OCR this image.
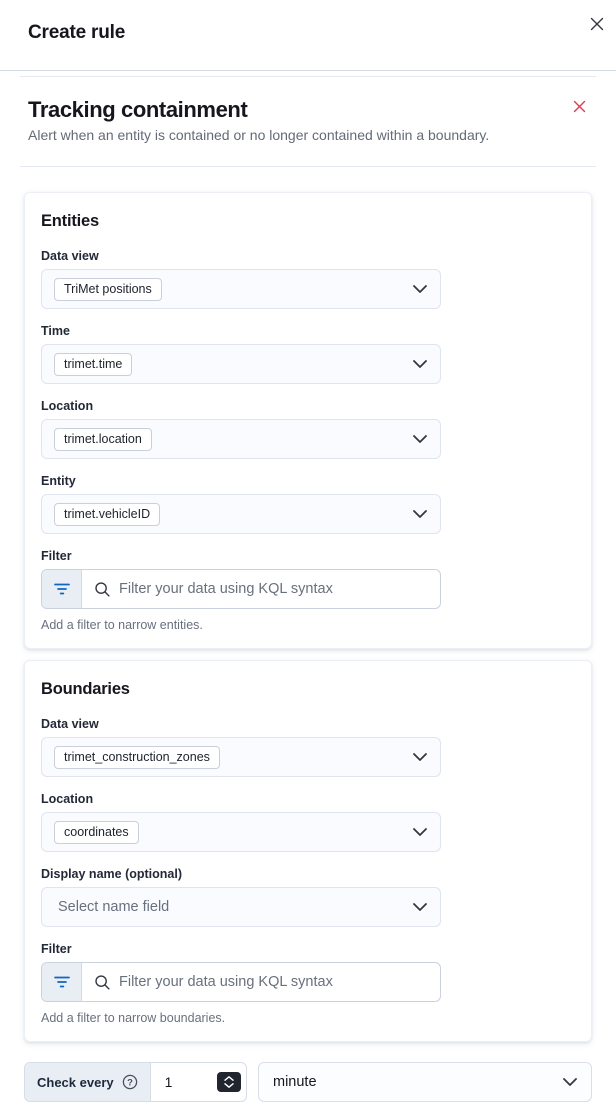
Create rule
Tracking containment

Alert when an entity is contained or no longer contained within a boundary.

Entities
Data view
TriMet positions
Time
trimet.time
Location
trimet.location
Entity
trimet.vehicleID
Filter
Filter your data using KQL syntax
Add a filter to narrow entities.
Boundaries
Data view
trimet_construction_zones
Location
coordinates
Display name (optional)
Select name field
Filter
Filter your data using KQL syntax
Add a filter to narrow boundaries.
Check every ?
1	minute
